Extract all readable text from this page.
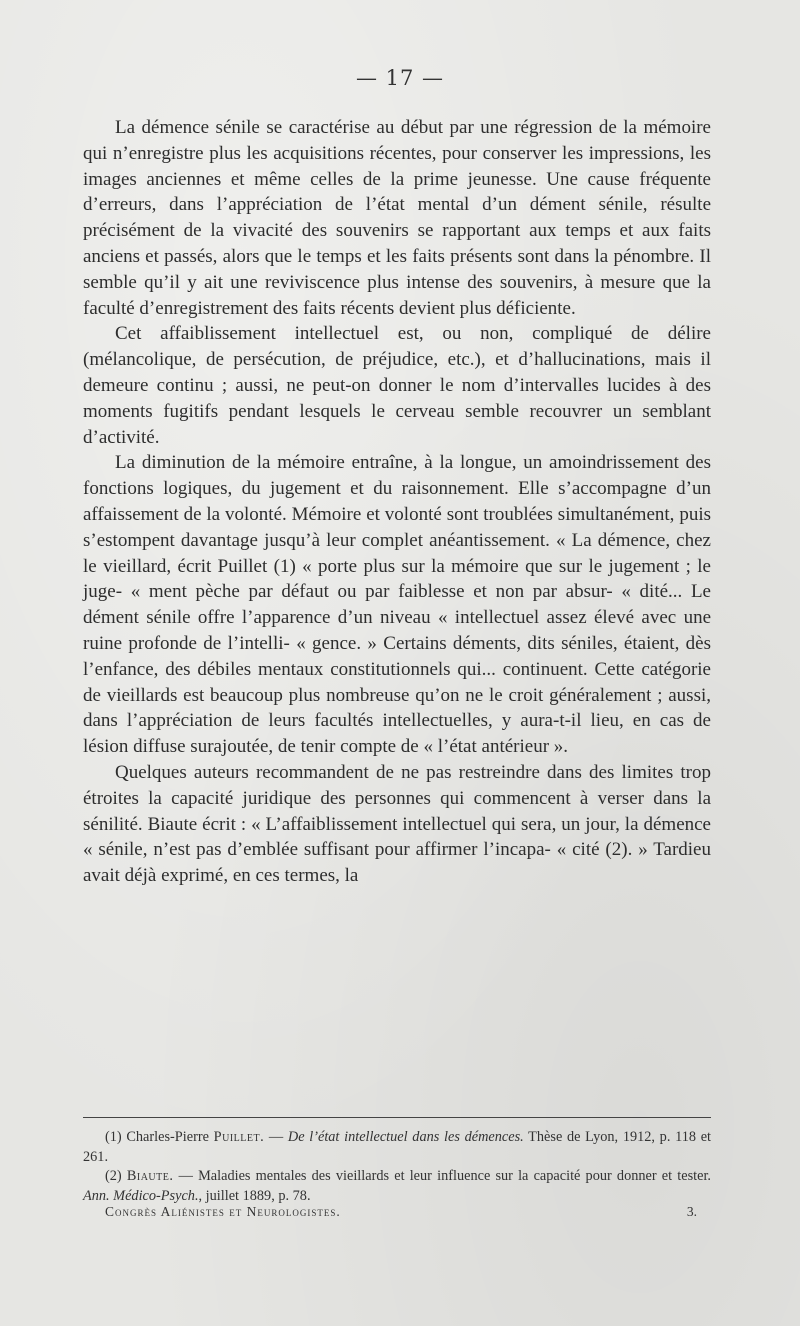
— 17 —

La démence sénile se caractérise au début par une régression de la mémoire qui n’enregistre plus les acquisitions récentes, pour conserver les impressions, les images anciennes et même celles de la prime jeunesse. Une cause fréquente d’erreurs, dans l’appréciation de l’état mental d’un dément sénile, résulte précisément de la vivacité des souvenirs se rapportant aux temps et aux faits anciens et passés, alors que le temps et les faits présents sont dans la pénombre. Il semble qu’il y ait une reviviscence plus intense des souvenirs, à mesure que la faculté d’enregistrement des faits récents devient plus déficiente.

Cet affaiblissement intellectuel est, ou non, compliqué de délire (mélancolique, de persécution, de préjudice, etc.), et d’hallucinations, mais il demeure continu ; aussi, ne peut-on donner le nom d’intervalles lucides à des moments fugitifs pendant lesquels le cerveau semble recouvrer un semblant d’activité.

La diminution de la mémoire entraîne, à la longue, un amoindrissement des fonctions logiques, du jugement et du raisonnement. Elle s’accompagne d’un affaissement de la volonté. Mémoire et volonté sont troublées simultanément, puis s’estompent davantage jusqu’à leur complet anéantissement. « La démence, chez le vieillard, écrit Puillet (1) « porte plus sur la mémoire que sur le jugement ; le juge- « ment pèche par défaut ou par faiblesse et non par absur- « dité... Le dément sénile offre l’apparence d’un niveau « intellectuel assez élevé avec une ruine profonde de l’intelli- « gence. » Certains déments, dits séniles, étaient, dès l’enfance, des débiles mentaux constitutionnels qui... continuent. Cette catégorie de vieillards est beaucoup plus nombreuse qu’on ne le croit généralement ; aussi, dans l’appréciation de leurs facultés intellectuelles, y aura-t-il lieu, en cas de lésion diffuse surajoutée, de tenir compte de « l’état antérieur ».

Quelques auteurs recommandent de ne pas restreindre dans des limites trop étroites la capacité juridique des personnes qui commencent à verser dans la sénilité. Biaute écrit : « L’affaiblissement intellectuel qui sera, un jour, la démence « sénile, n’est pas d’emblée suffisant pour affirmer l’incapa- « cité (2). » Tardieu avait déjà exprimé, en ces termes, la

(1) Charles-Pierre Puillet. — De l’état intellectuel dans les démences. Thèse de Lyon, 1912, p. 118 et 261.

(2) Biaute. — Maladies mentales des vieillards et leur influence sur la capacité pour donner et tester. Ann. Médico-Psych., juillet 1889, p. 78.

Congrès Aliénistes et Neurologistes.	3.
